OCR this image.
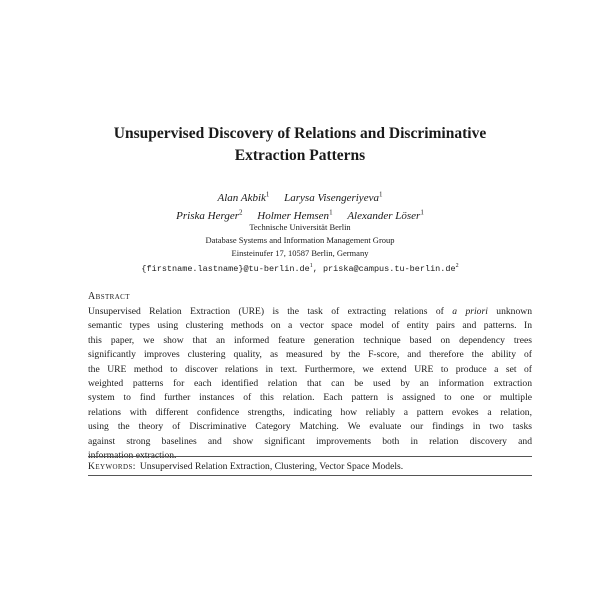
Unsupervised Discovery of Relations and Discriminative
Extraction Patterns
Alan Akbik$^1$ Larysa Visengeriyeva$^1$
Priska Herger$^2$ Holmer Hemsen$^1$ Alexander Löser$^1$
Technische Universität Berlin
Database Systems and Information Management Group
Einsteinufer 17, 10587 Berlin, Germany
$\{firstname.lastname\}@tu-berlin.de^1$, $priska@campus.tu-berlin.de^2$
Abstract
Unsupervised Relation Extraction (URE) is the task of extracting relations of a priori unknown
semantic types using clustering methods on a vector space model of entity pairs and patterns. In
this paper, we show that an informed feature generation technique based on dependency trees
significantly improves clustering quality, as measured by the F-score, and therefore the ability of
the URE method to discover relations in text. Furthermore, we extend URE to produce a set of
weighted patterns for each identified relation that can be used by an information extraction
system to find further instances of this relation. Each pattern is assigned to one or multiple
relations with different confidence strengths, indicating how reliably a pattern evokes a relation,
using the theory of Discriminative Category Matching. We evaluate our findings in two tasks
against strong baselines and show significant improvements both in relation discovery and
Keywords: Unsupervised Relation Extraction, Clustering, Vector Space Models.
